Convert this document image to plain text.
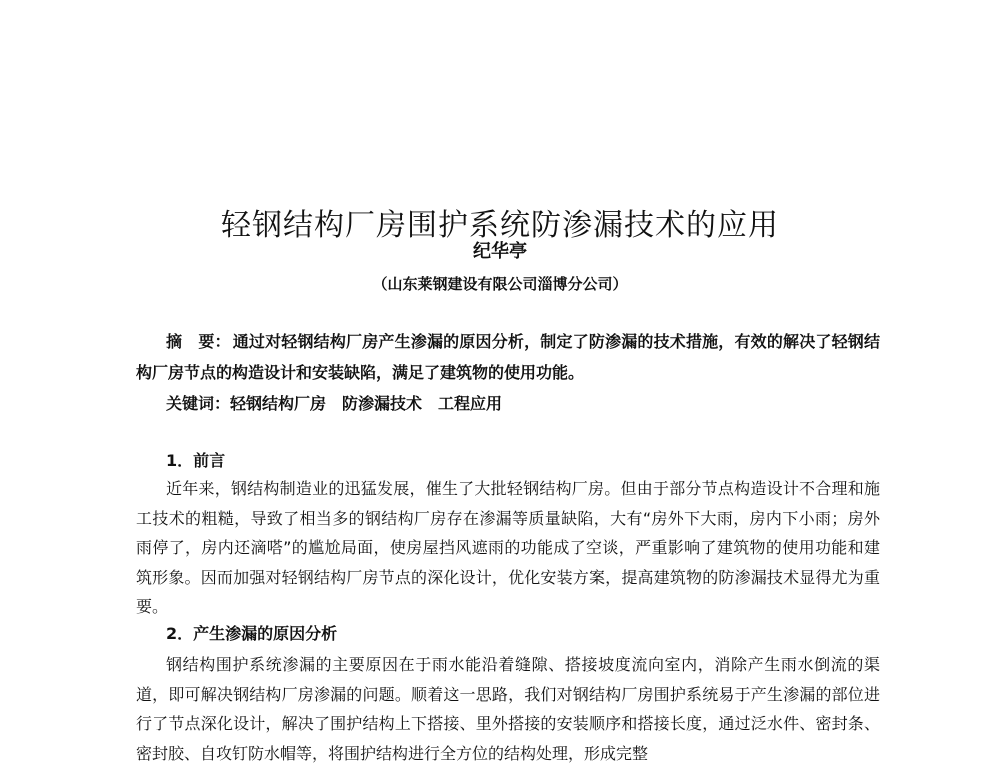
轻钢结构厂房围护系统防渗漏技术的应用
纪华亭
（山东莱钢建设有限公司淄博分公司）

摘　要： 通过对轻钢结构厂房产生渗漏的原因分析，制定了防渗漏的技术措施，有效的解决了轻钢结构厂房节点的构造设计和安装缺陷，满足了建筑物的使用功能。

关键词：轻钢结构厂房　防渗漏技术　工程应用

1．前言

近年来，钢结构制造业的迅猛发展，催生了大批轻钢结构厂房。但由于部分节点构造设计不合理和施工技术的粗糙，导致了相当多的钢结构厂房存在渗漏等质量缺陷，大有“房外下大雨，房内下小雨；房外雨停了，房内还滴嗒”的尴尬局面，使房屋挡风遮雨的功能成了空谈，严重影响了建筑物的使用功能和建筑形象。因而加强对轻钢结构厂房节点的深化设计，优化安装方案，提高建筑物的防渗漏技术显得尤为重要。

2．产生渗漏的原因分析

钢结构围护系统渗漏的主要原因在于雨水能沿着缝隙、搭接坡度流向室内，消除产生雨水倒流的渠道，即可解决钢结构厂房渗漏的问题。顺着这一思路，我们对钢结构厂房围护系统易于产生渗漏的部位进行了节点深化设计，解决了围护结构上下搭接、里外搭接的安装顺序和搭接长度，通过泛水件、密封条、密封胶、自攻钉防水帽等，将围护结构进行全方位的结构处理，形成完整
